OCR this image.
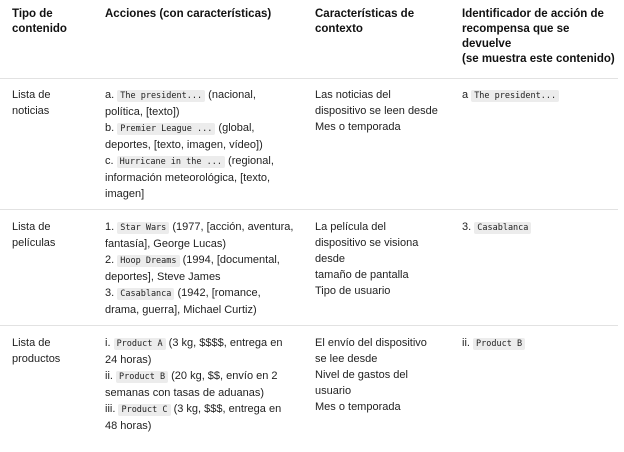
Tipo de
contenido
Acciones (con características)	Características de
contexto
Identificador de acción de
recompensa que se
devuelve
(se muestra este contenido)
Lista de
noticias
a. The president... (nacional,
política, [texto])
b. Premier League ... (global,
deportes, [texto, imagen, vídeo])
c. Hurricane in the ... (regional,
información meteorológica, [texto,
imagen]
Las noticias del
dispositivo se leen desde
Mes o temporada
a The president...
Lista de
películas
1. Star Wars (1977, [acción, aventura,
fantasía], George Lucas)
2. Hoop Dreams (1994, [documental,
deportes], Steve James
3. Casablanca (1942, [romance,
drama, guerra], Michael Curtiz)
La película del
dispositivo se visiona
desde
tamaño de pantalla
Tipo de usuario
3. Casablanca
Lista de
productos
i. Product A (3 kg, $$$$, entrega en
24 horas)
ii. Product B (20 kg, $$, envío en 2
semanas con tasas de aduanas)
iii. Product C (3 kg, $$$, entrega en
48 horas)
El envío del dispositivo
se lee desde
Nivel de gastos del
usuario
Mes o temporada
ii. Product B
